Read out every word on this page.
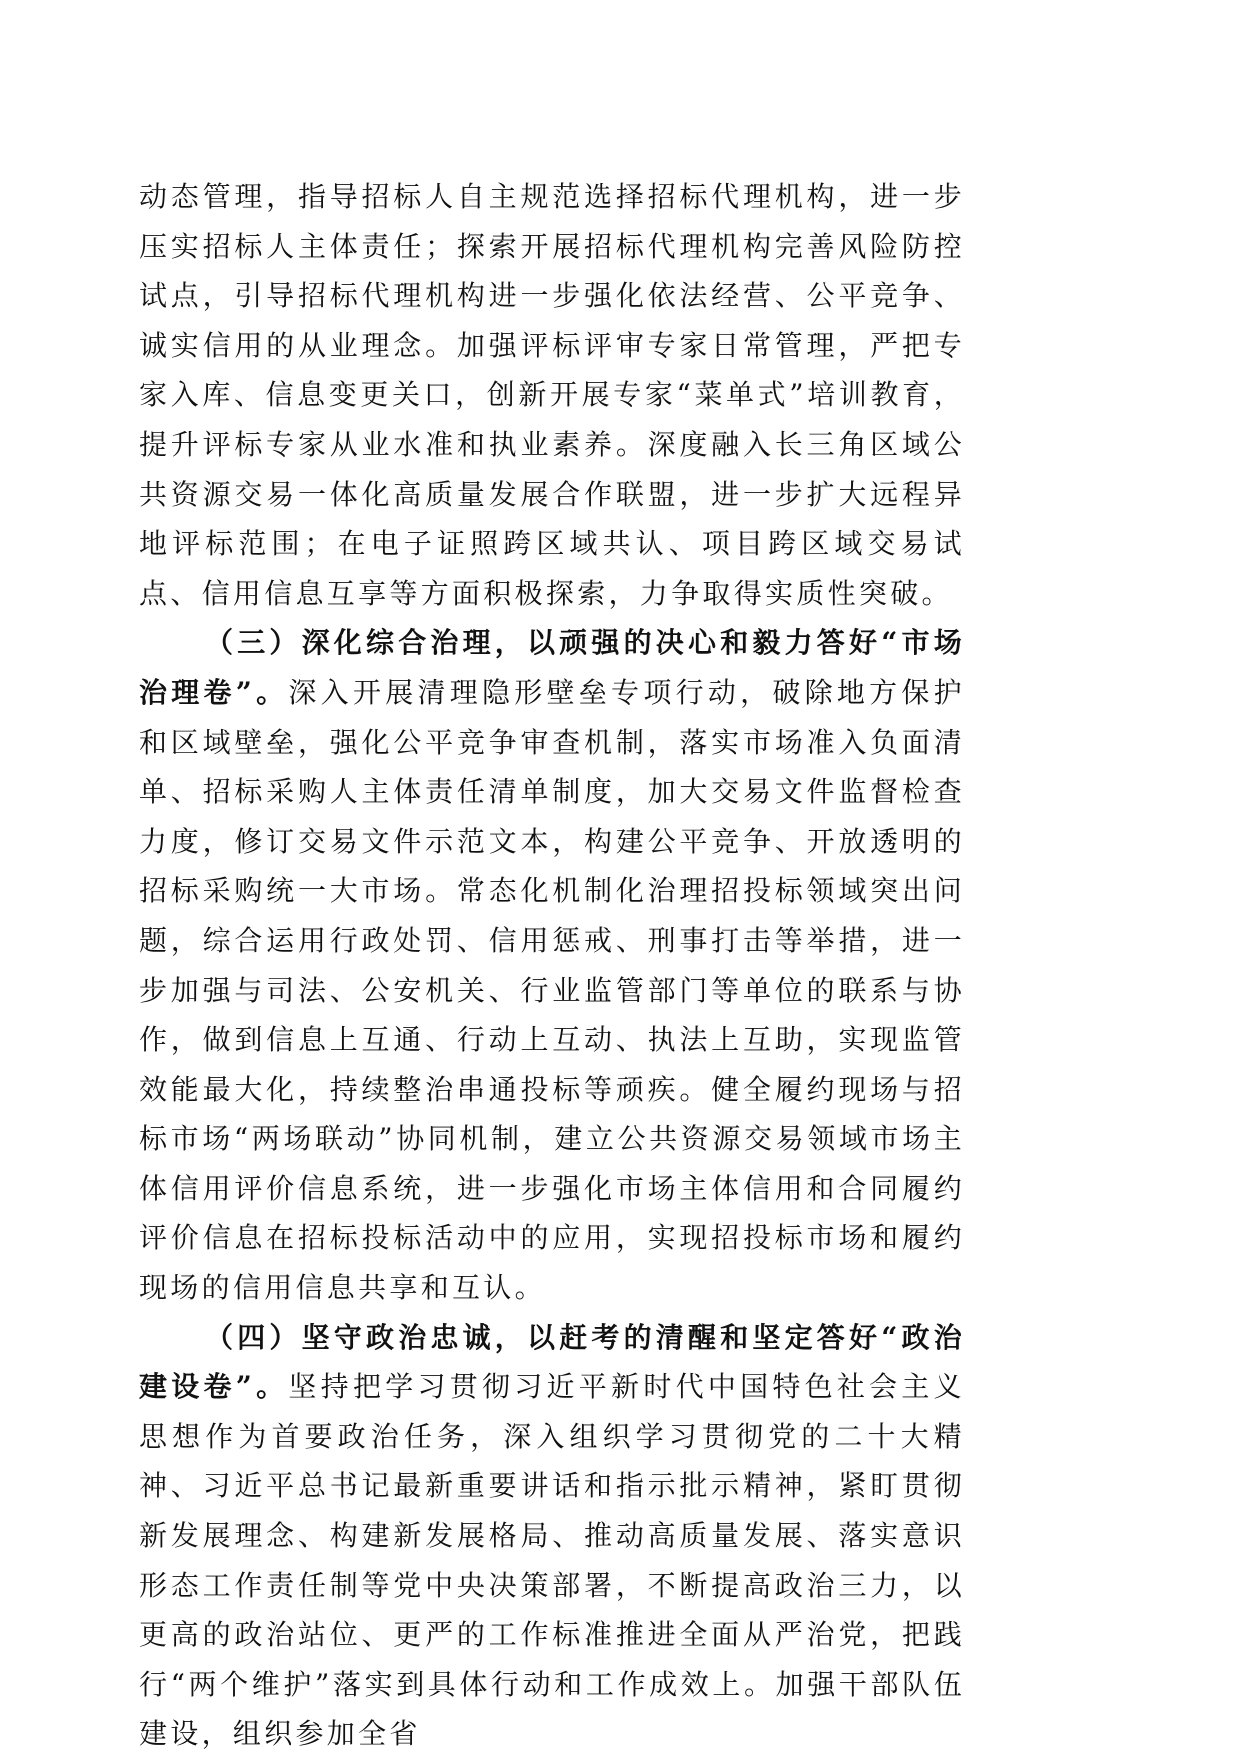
动态管理，指导招标人自主规范选择招标代理机构，进一步压实招标人主体责任；探索开展招标代理机构完善风险防控试点，引导招标代理机构进一步强化依法经营、公平竞争、诚实信用的从业理念。加强评标评审专家日常管理，严把专家入库、信息变更关口，创新开展专家“菜单式”培训教育，提升评标专家从业水准和执业素养。深度融入长三角区域公共资源交易一体化高质量发展合作联盟，进一步扩大远程异地评标范围；在电子证照跨区域共认、项目跨区域交易试点、信用信息互享等方面积极探索，力争取得实质性突破。

（三）深化综合治理，以顽强的决心和毅力答好“市场治理卷”。深入开展清理隐形壁垒专项行动，破除地方保护和区域壁垒，强化公平竞争审查机制，落实市场准入负面清单、招标采购人主体责任清单制度，加大交易文件监督检查力度，修订交易文件示范文本，构建公平竞争、开放透明的招标采购统一大市场。常态化机制化治理招投标领域突出问题，综合运用行政处罚、信用惩戒、刑事打击等举措，进一步加强与司法、公安机关、行业监管部门等单位的联系与协作，做到信息上互通、行动上互动、执法上互助，实现监管效能最大化，持续整治串通投标等顽疾。健全履约现场与招标市场“两场联动”协同机制，建立公共资源交易领域市场主体信用评价信息系统，进一步强化市场主体信用和合同履约评价信息在招标投标活动中的应用，实现招投标市场和履约现场的信用信息共享和互认。

（四）坚守政治忠诚，以赶考的清醒和坚定答好“政治建设卷”。坚持把学习贯彻习近平新时代中国特色社会主义思想作为首要政治任务，深入组织学习贯彻党的二十大精神、习近平总书记最新重要讲话和指示批示精神，紧盯贯彻新发展理念、构建新发展格局、推动高质量发展、落实意识形态工作责任制等党中央决策部署，不断提高政治三力，以更高的政治站位、更严的工作标准推进全面从严治党，把践行“两个维护”落实到具体行动和工作成效上。加强干部队伍建设，组织参加全省
